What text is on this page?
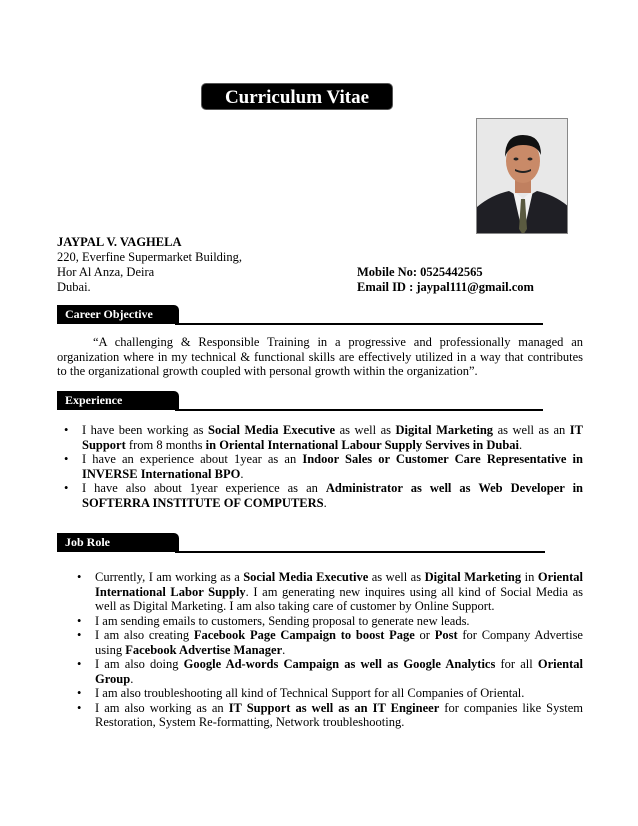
Curriculum Vitae
JAYPAL V. VAGHELA
220, Everfine Supermarket Building,
Hor Al Anza, Deira
Dubai.
Mobile No: 0525442565
Email ID : jaypal111@gmail.com
Career Objective

“A challenging & Responsible Training in a progressive and professionally managed an organization where in my technical & functional skills are effectively utilized in a way that contributes to the organizational growth coupled with personal growth within the organization”.

Experience
• I have been working as Social Media Executive as well as Digital Marketing as well as an IT Support from 8 months in Oriental International Labour Supply Servives in Dubai.
• I have an experience about 1year as an Indoor Sales or Customer Care Representative in INVERSE International BPO.
• I have also about 1year experience as an Administrator as well as Web Developer in SOFTERRA INSTITUTE OF COMPUTERS.
Job Role
• Currently, I am working as a Social Media Executive as well as Digital Marketing in Oriental International Labor Supply. I am generating new inquires using all kind of Social Media as well as Digital Marketing. I am also taking care of customer by Online Support.
• I am sending emails to customers, Sending proposal to generate new leads.
• I am also creating Facebook Page Campaign to boost Page or Post for Company Advertise using Facebook Advertise Manager.
• I am also doing Google Ad-words Campaign as well as Google Analytics for all Oriental Group.
• I am also troubleshooting all kind of Technical Support for all Companies of Oriental.
• I am also working as an IT Support as well as an IT Engineer for companies like System Restoration, System Re-formatting, Network troubleshooting.
